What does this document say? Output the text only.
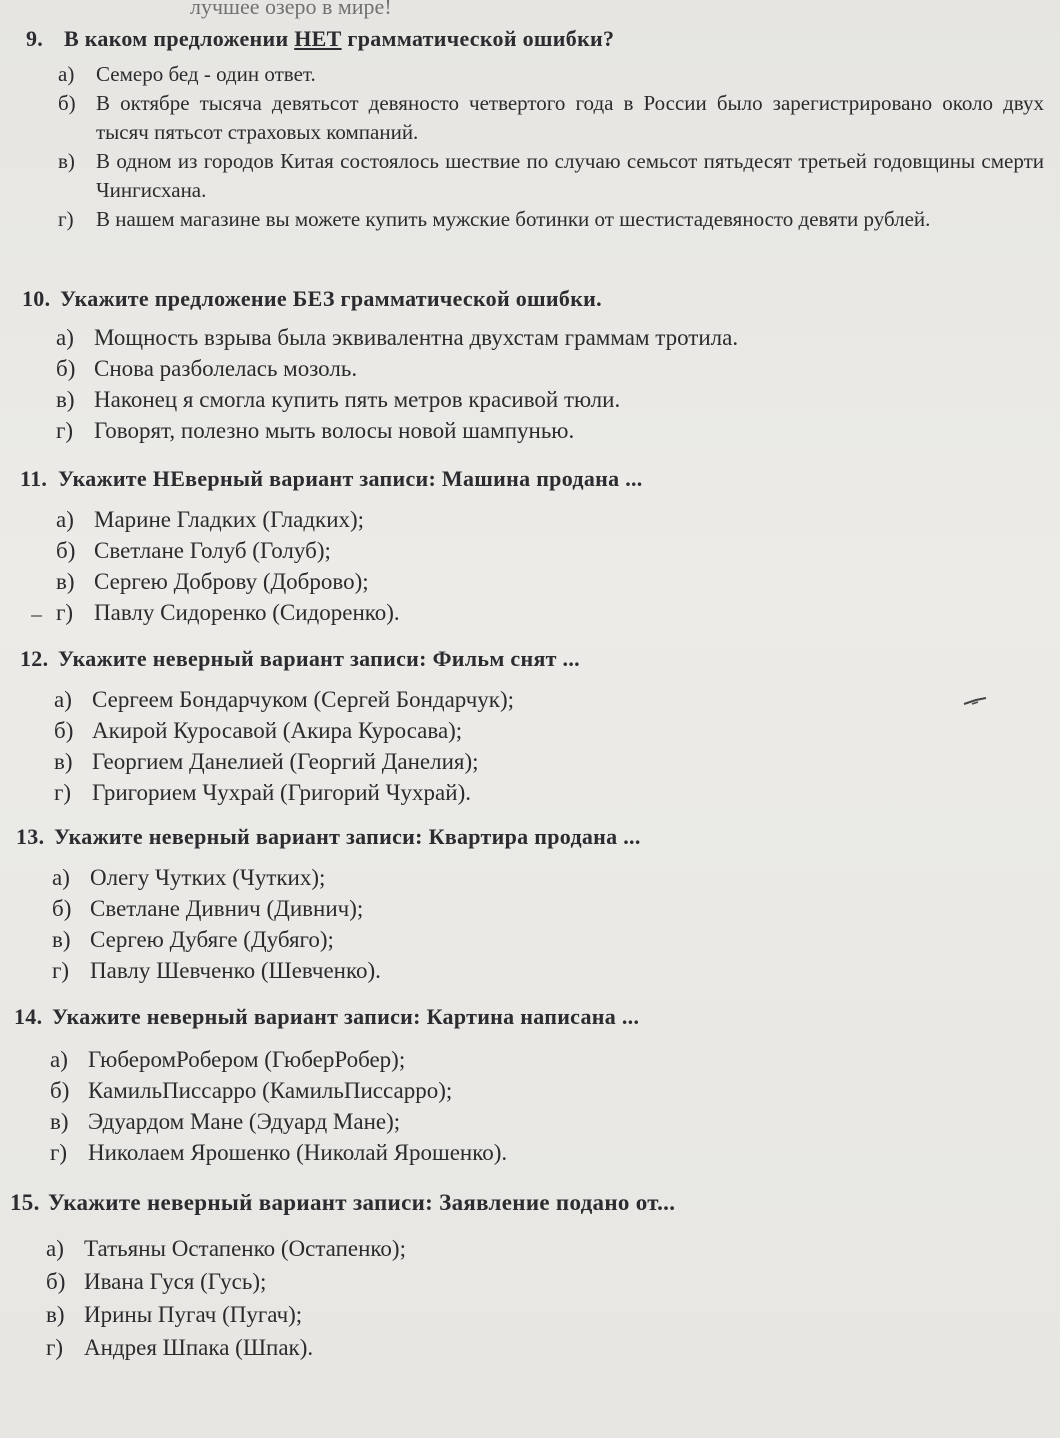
лучшее озеро в мире!
9. В каком предложении НЕТ грамматической ошибки?
а)	Семеро бед - один ответ.
б) В октябре тысяча девятьсот девяносто четвертого года в России было зарегистрировано около двух тысяч пятьсот страховых компаний.
в)	В одном из городов Китая состоялось шествие по случаю семьсот пятьдесят третьей годовщины смерти Чингисхана.
г)	В нашем магазине вы можете купить мужские ботинки от шестистадевяносто девяти рублей.
10. Укажите предложение БЕЗ грамматической ошибки.
а) Мощность взрыва была эквивалентна двухстам граммам тротила.
б) Снова разболелась мозоль.
в) Наконец я смогла купить пять метров красивой тюли.
г) Говорят, полезно мыть волосы новой шампунью.
11. Укажите НЕверный вариант записи: Машина продана ...
а) Марине Гладких (Гладких);
б) Светлане Голуб (Голуб);
в) Сергею Доброву (Доброво);
г) Павлу Сидоренко (Сидоренко).
12. Укажите неверный вариант записи: Фильм снят ...
а) Сергеем Бондарчуком (Сергей Бондарчук);
б) Акирой Куросавой (Акира Куросава);
в) Георгием Данелией (Георгий Данелия);
г) Григорием Чухрай (Григорий Чухрай).
13. Укажите неверный вариант записи: Квартира продана ...
а) Олегу Чутких (Чутких);
б) Светлане Дивнич (Дивнич);
в) Сергею Дубяге (Дубяго);
г) Павлу Шевченко (Шевченко).
14. Укажите неверный вариант записи: Картина написана ...
а) ГюберомРобером (ГюберРобер);
б) КамильПиссарро (КамильПиссарро);
в) Эдуардом Мане (Эдуард Мане);
г) Николаем Ярошенко (Николай Ярошенко).
15. Укажите неверный вариант записи: Заявление подано от...
а) Татьяны Остапенко (Остапенко);
б) Ивана Гуся (Гусь);
в) Ирины Пугач (Пугач);
г) Андрея Шпака (Шпак).
